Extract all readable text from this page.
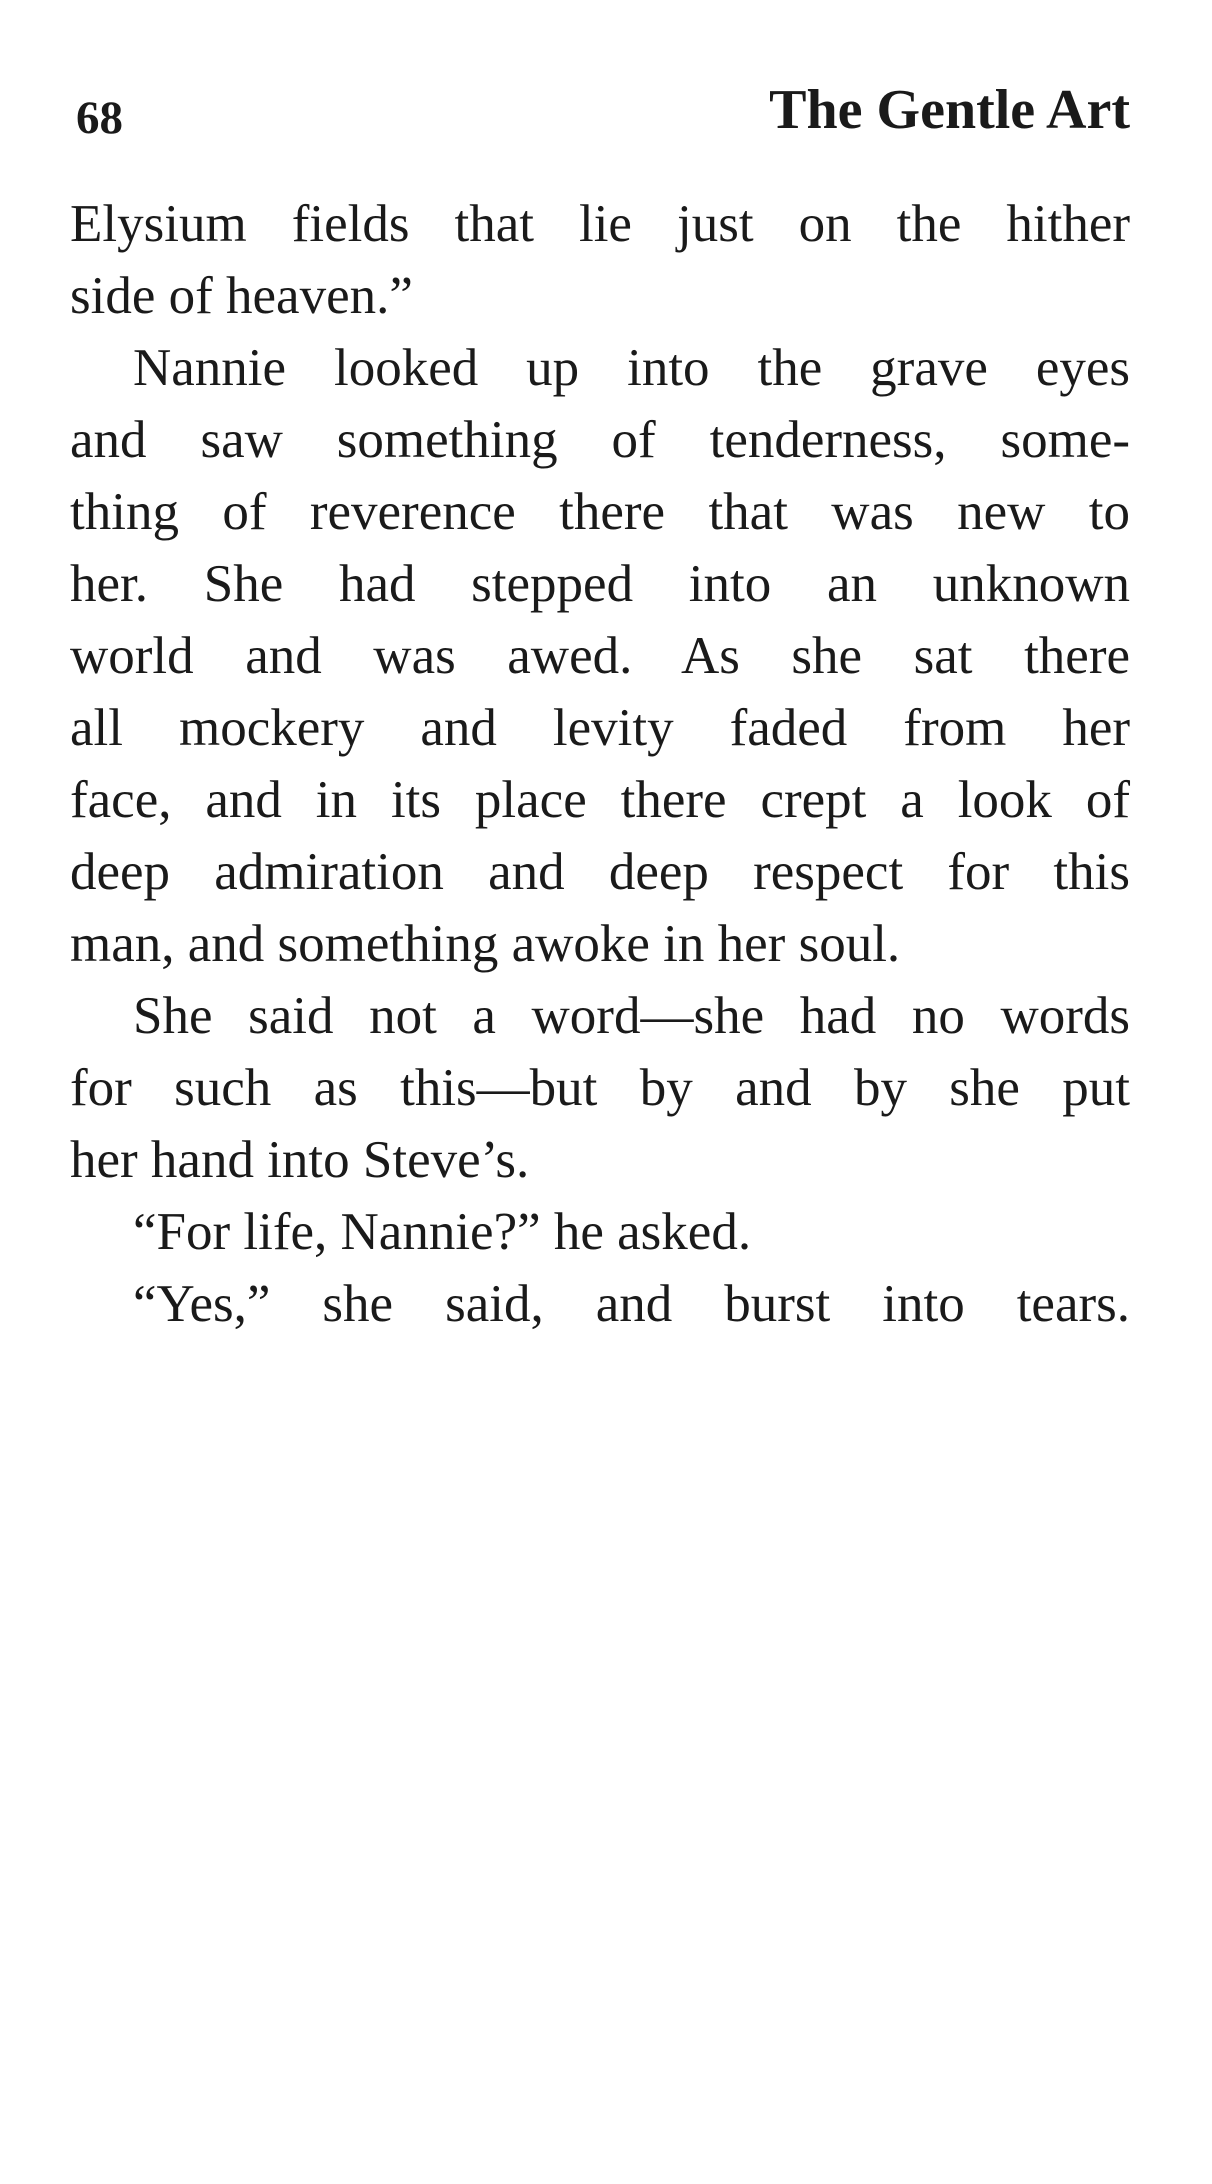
68	The Gentle Art
Elysium fields that lie just on the hither
side of heaven.”
Nannie looked up into the grave eyes
and saw something of tenderness, some-
thing of reverence there that was new to
her. She had stepped into an unknown
world and was awed. As she sat there
all mockery and levity faded from her
face, and in its place there crept a look of
deep admiration and deep respect for this
man, and something awoke in her soul.
She said not a word—she had no words
for such as this—but by and by she put
her hand into Steve’s.
“For life, Nannie?” he asked.
“Yes,” she said, and burst into tears.
